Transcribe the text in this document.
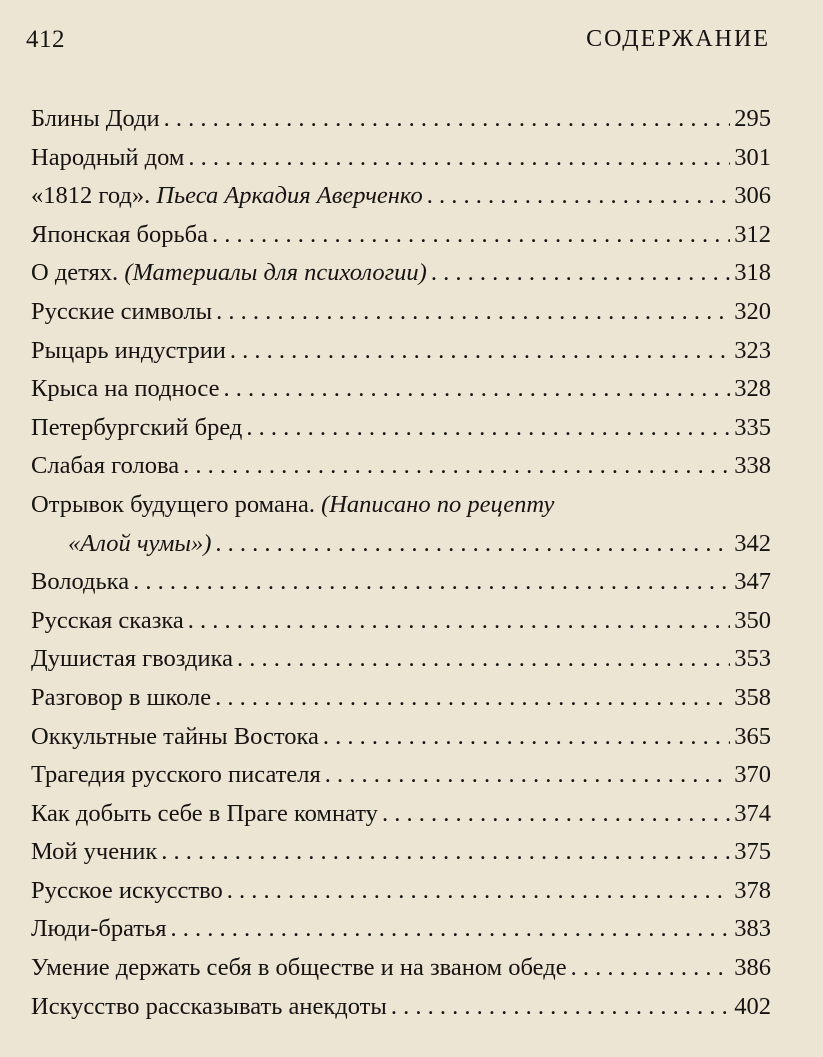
412	СОДЕРЖАНИЕ
Блины Доди . . .	295
Народный дом . . .	301
«1812 год». Пьеса Аркадия Аверченко . . .	306
Японская борьба . . .	312
О детях. (Материалы для психологии) . . .	318
Русские символы . . .	320
Рыцарь индустрии . . .	323
Крыса на подносе . . .	328
Петербургский бред . . .	335
Слабая голова . . .	338
Отрывок будущего романа. (Написано по рецепту
«Алой чумы») . . .	342
Володька . . .	347
Русская сказка . . .	350
Душистая гвоздика . . .	353
Разговор в школе . . .	358
Оккультные тайны Востока . . .	365
Трагедия русского писателя . . .	370
Как добыть себе в Праге комнату . . .	374
Мой ученик . . .	375
Русское искусство . . .	378
Люди-братья . . .	383
Умение держать себя в обществе и на званом обеде . . .	386
Искусство рассказывать анекдоты . . .	402
